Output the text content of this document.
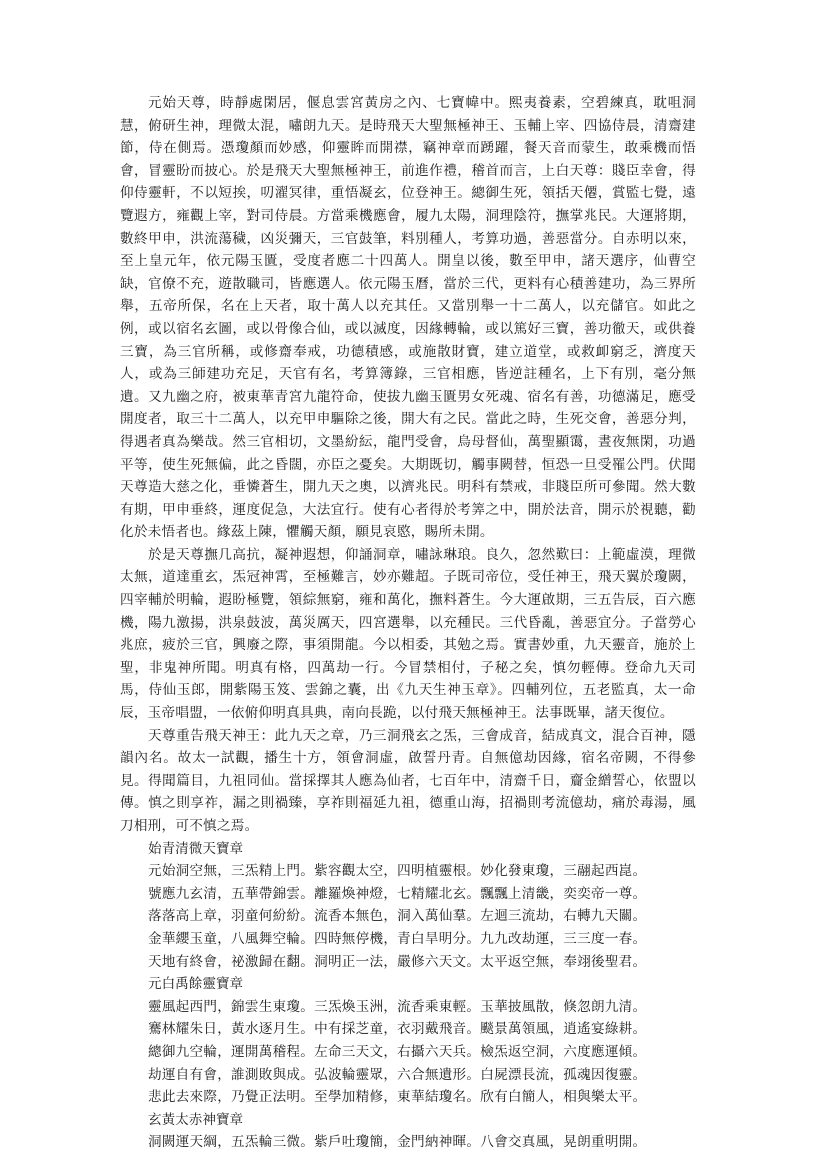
元始天尊，時靜處閑居，偃息雲宮黃房之內、七寶幃中。熙夷養素，空碧練真，耽咀洞慧，俯研生神，理微太混，嘯朗九天。是時飛天大聖無極神王、玉輔上宰、四協侍晨，清齋建節，侍在側焉。憑瓊顏而妙感，仰靈眸而開襟，竊神章而踴躍，餐天音而蒙生，敢乘機而悟會，冒靈盼而披心。於是飛天大聖無極神王，前進作禮，稽首而言，上白天尊：賤臣幸會，得仰侍靈軒，不以短挨，叨濯冥律，重悟凝玄，位登神王。總御生死，領括天僊，賞監七覺，遠覽遐方，雍觀上宰，對司侍晨。方當乘機應會，履九太陽，洞理陰符，撫掌兆民。大運將期，數終甲申，洪流蕩穢，凶災彌天，三官鼓筆，料別種人，考算功過，善惡當分。自赤明以來，至上皇元年，依元陽玉匱，受度者應二十四萬人。開皇以後，數至甲申，諸天選序，仙曹空缺，官僚不充，遊散職司，皆應選人。依元陽玉曆，當於三代，更料有心積善建功，為三界所舉，五帝所保，名在上天者，取十萬人以充其任。又當別舉一十二萬人，以充儲官。如此之例，或以宿名玄圖，或以骨像合仙，或以滅度，因緣轉輪，或以篤好三寶，善功徹天，或供養三寶，為三官所稱，或修齋奉戒，功德積感，或施散財寶，建立道堂，或救卹窮乏，濟度天人，或為三師建功充足，天官有名，考算簿錄，三官相應，皆逆註種名，上下有別，毫分無遺。又九幽之府，被東華青宮九龍符命，使拔九幽玉匱男女死魂、宿名有善，功德滿足，應受開度者，取三十二萬人，以充甲申驅除之後，開大有之民。當此之時，生死交會，善惡分判，得遇者真為樂哉。然三官相切，文墨紛紜，龍門受會，烏母督仙，萬聖顯霭，晝夜無閑，功過平等，使生死無偏，此之昏闊，亦臣之憂矣。大期既切，觸事闕替，恒恐一旦受罹公門。伏聞天尊造大慈之化，垂憐蒼生，開九天之奧，以濟兆民。明科有禁戒，非賤臣所可參聞。然大數有期，甲申垂終，運度促急，大法宜行。使有心者得於考筭之中，開於法音，開示於視聽，勸化於未悟者也。緣茲上陳，懼觸天顏，願見哀愍，賜所未開。

於是天尊撫几高抗，凝神遐想，仰誦洞章，嘯詠琳琅。良久，忽然歎曰：上範虛漠，理微太無，道達重玄，炁冠神霄，至極難言，妙亦難超。子既司帝位，受任神王，飛天翼於瓊闕，四宰輔於明輪，遐盼極覽，領綜無窮，雍和萬化，撫料蒼生。今大運啟期，三五告辰，百六應機，陽九激揚，洪泉鼓波，萬災厲天，四宮選舉，以充種民。三代昏亂，善惡宜分。子當勞心兆庶，疲於三官，興廢之際，事須開龍。今以相委，其勉之焉。實書妙重，九天靈音，施於上聖，非鬼神所聞。明真有格，四萬劫一行。今冒禁相付，子秘之矣，慎勿輕傳。登命九天司馬，侍仙玉郎，開紫陽玉笈、雲錦之囊，出《九天生神玉章》。四輔列位，五老監真，太一命辰，玉帝唱盟，一依俯仰明真具典，南向長跪，以付飛天無極神王。法事既畢，諸天復位。

天尊重告飛天神王：此九天之章，乃三洞飛玄之炁，三會成音，結成真文，混合百神，隱韻內名。故太一試觀，播生十方，領會洞虛，啟誓丹青。自無億劫因緣，宿名帝闕，不得參見。得聞篇目，九祖同仙。當採擇其人應為仙者，七百年中，清齋千日，齎金繒誓心，依盟以傳。慎之則享祚，漏之則禍臻，享祚則福延九祖，德重山海，招禍則考流億劫，痛於毒湯，風刀相刑，可不慎之焉。

始青清微天寶章

元始洞空無，三炁精上門。紫容觀太空，四明植靈根。妙化發東瓊，三翮起西崑。

號應九玄清，五華帶錦雲。離羅煥神燈，七精耀北玄。飄飄上清畿，奕奕帝一尊。

落落高上章，羽童何紛紛。流香本無色，洞入萬仙羣。左迴三流劫，右轉九天關。

金華纓玉童，八風舞空輪。四時無停機，青白旱明分。九九改劫運，三三度一春。

天地有終會，祕激歸在翻。洞明正一法，嚴修六天文。太平返空無，奉翊後聖君。

元白禹餘靈寶章

靈風起西門，錦雲生東瓊。三炁煥玉洲，流香乘東輕。玉華披風散，倏忽朗九清。

騫林耀朱日，黃水逐月生。中有採芝童，衣羽戴飛音。颷景萬領風，逍遙宴綠耕。

總御九空輪，運開萬稽程。左命三天文，右攝六天兵。檢炁返空洞，六度應運傾。

劫運自有會，誰測敗與成。弘波輪靈眾，六合無遺形。白屍漂長流，孤魂因復靈。

悲此去來際，乃覺正法明。至學加精修，東華結瓊名。欣有白簡人，相與樂太平。

玄黃太赤神寶章

洞闕運天綱，五炁輪三微。紫戶吐瓊簡，金門納神暉。八會交真風，晃朗重明開。
